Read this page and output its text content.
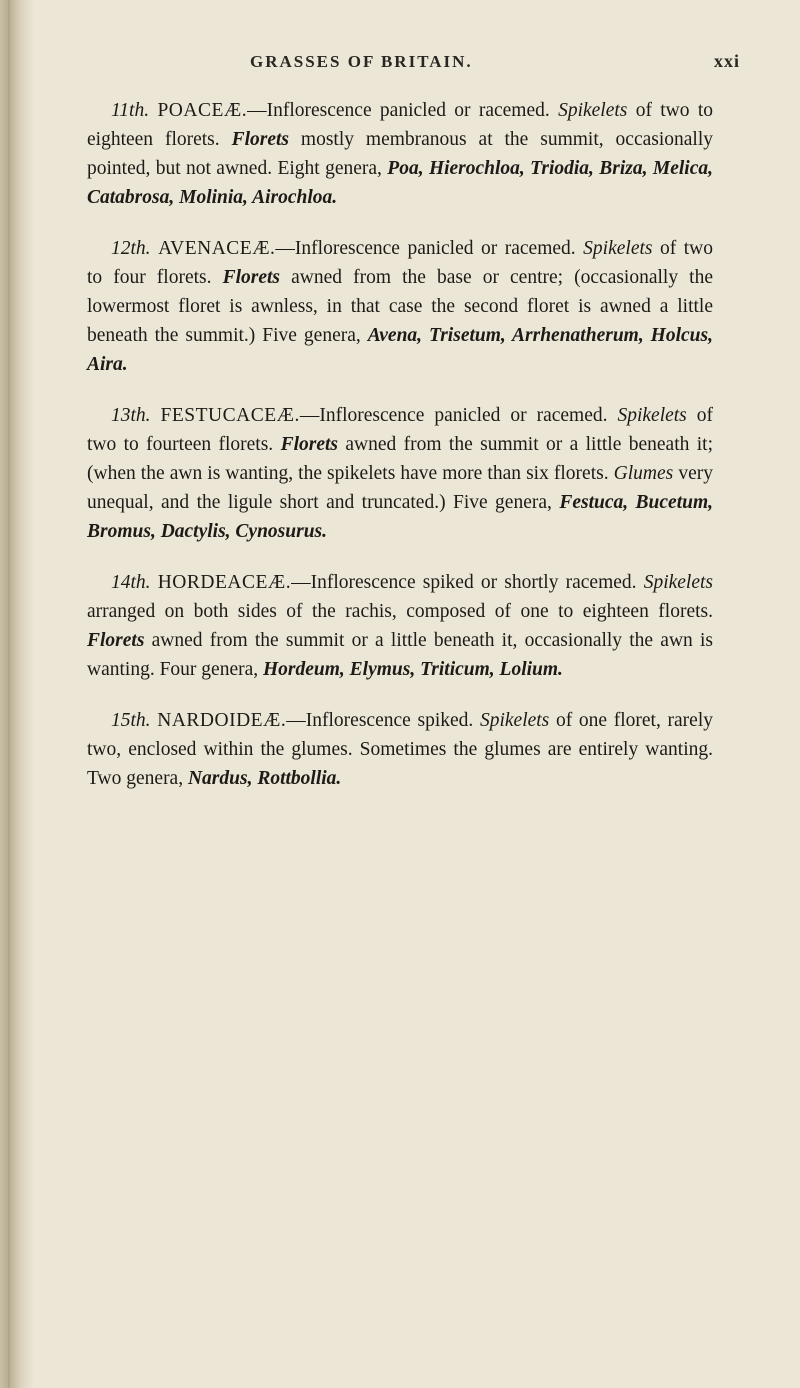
GRASSES OF BRITAIN.	xxi

11th. POACEÆ.—Inflorescence panicled or racemed. Spikelets of two to eighteen florets. Florets mostly membranous at the summit, occasionally pointed, but not awned. Eight genera, Poa, Hierochloa, Triodia, Briza, Melica, Catabrosa, Molinia, Airochloa.

12th. AVENACEÆ.—Inflorescence panicled or racemed. Spikelets of two to four florets. Florets awned from the base or centre; (occasionally the lowermost floret is awnless, in that case the second floret is awned a little beneath the summit.) Five genera, Avena, Trisetum, Arrhenatherum, Holcus, Aira.

13th. FESTUCACEÆ.—Inflorescence panicled or racemed. Spikelets of two to fourteen florets. Florets awned from the summit or a little beneath it; (when the awn is wanting, the spikelets have more than six florets. Glumes very unequal, and the ligule short and truncated.) Five genera, Festuca, Bucetum, Bromus, Dactylis, Cynosurus.

14th. HORDEACEÆ.—Inflorescence spiked or shortly racemed. Spikelets arranged on both sides of the rachis, composed of one to eighteen florets. Florets awned from the summit or a little beneath it, occasionally the awn is wanting. Four genera, Hordeum, Elymus, Triticum, Lolium.

15th. NARDOIDEÆ.—Inflorescence spiked. Spikelets of one floret, rarely two, enclosed within the glumes. Sometimes the glumes are entirely wanting. Two genera, Nardus, Rottbollia.
